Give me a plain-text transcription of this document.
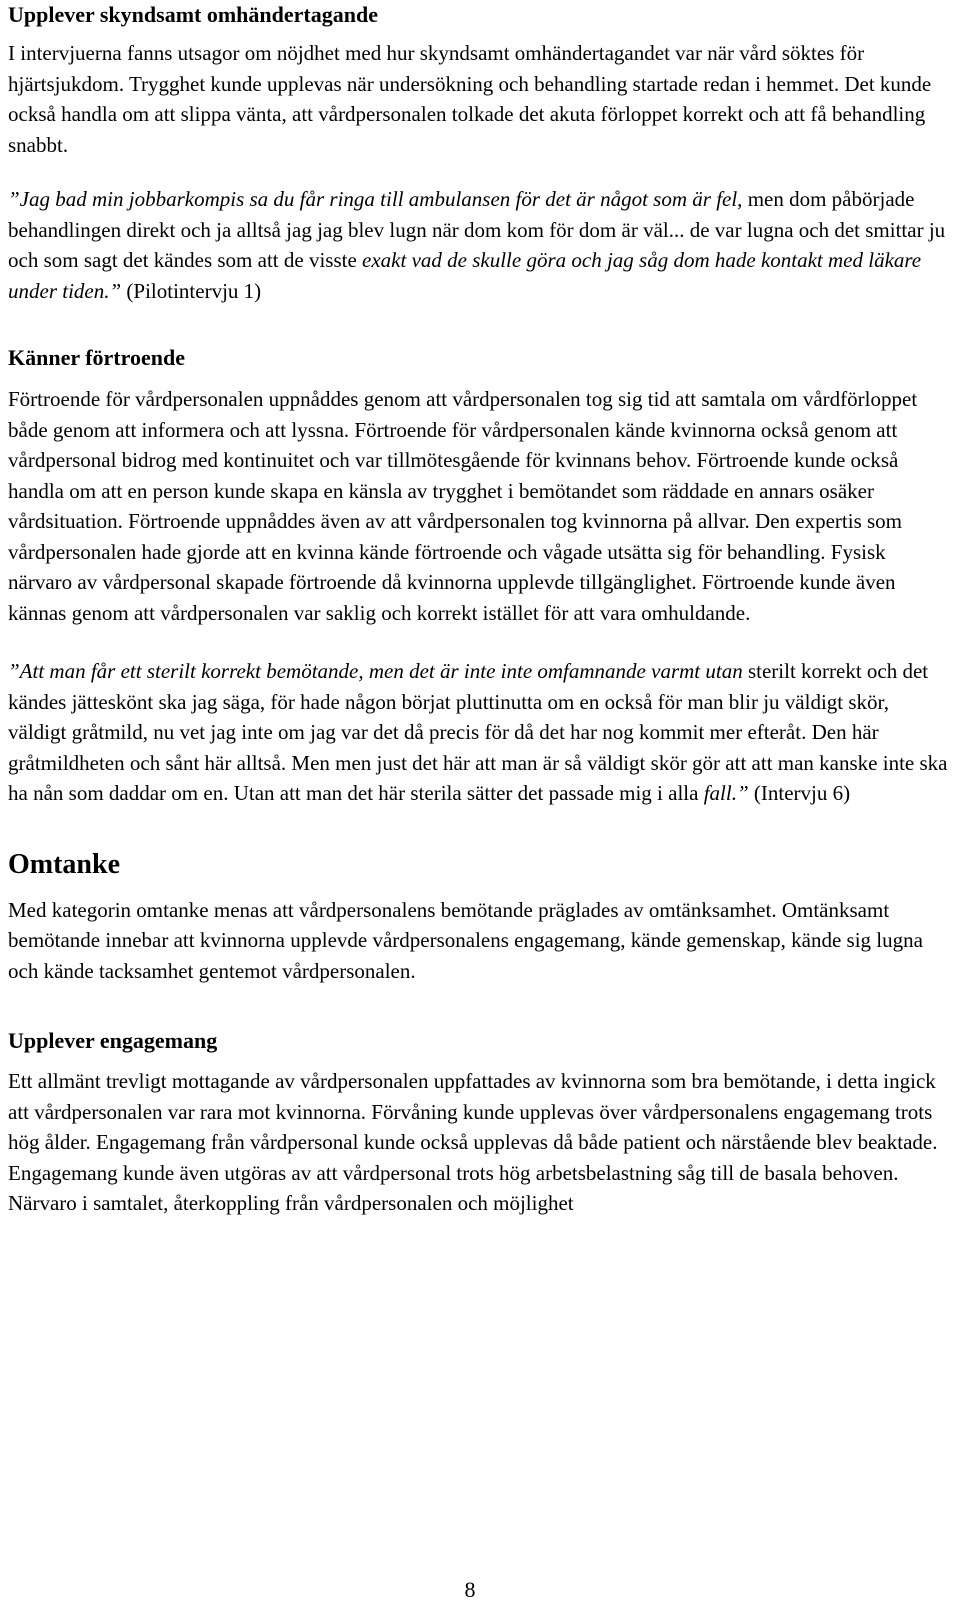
Upplever skyndsamt omhändertagande

I intervjuerna fanns utsagor om nöjdhet med hur skyndsamt omhändertagandet var när vård söktes för hjärtsjukdom. Trygghet kunde upplevas när undersökning och behandling startade redan i hemmet. Det kunde också handla om att slippa vänta, att vårdpersonalen tolkade det akuta förloppet korrekt och att få behandling snabbt.

”Jag bad min jobbarkompis sa du får ringa till ambulansen för det är något som är fel, men dom påbörjade behandlingen direkt och ja alltså jag jag blev lugn när dom kom för dom är väl... de var lugna och det smittar ju och som sagt det kändes som att de visste exakt vad de skulle göra och jag såg dom hade kontakt med läkare under tiden.” (Pilotintervju 1)

Känner förtroende

Förtroende för vårdpersonalen uppnåddes genom att vårdpersonalen tog sig tid att samtala om vårdförloppet både genom att informera och att lyssna. Förtroende för vårdpersonalen kände kvinnorna också genom att vårdpersonal bidrog med kontinuitet och var tillmötesgående för kvinnans behov. Förtroende kunde också handla om att en person kunde skapa en känsla av trygghet i bemötandet som räddade en annars osäker vårdsituation. Förtroende uppnåddes även av att vårdpersonalen tog kvinnorna på allvar. Den expertis som vårdpersonalen hade gjorde att en kvinna kände förtroende och vågade utsätta sig för behandling. Fysisk närvaro av vårdpersonal skapade förtroende då kvinnorna upplevde tillgänglighet. Förtroende kunde även kännas genom att vårdpersonalen var saklig och korrekt istället för att vara omhuldande.

”Att man får ett sterilt korrekt bemötande, men det är inte inte omfamnande varmt utan sterilt korrekt och det kändes jätteskönt ska jag säga, för hade någon börjat pluttinutta om en också för man blir ju väldigt skör, väldigt gråtmild, nu vet jag inte om jag var det då precis för då det har nog kommit mer efteråt. Den här gråtmildheten och sånt här alltså. Men men just det här att man är så väldigt skör gör att att man kanske inte ska ha nån som daddar om en. Utan att man det här sterila sätter det passade mig i alla fall.” (Intervju 6)

Omtanke

Med kategorin omtanke menas att vårdpersonalens bemötande präglades av omtänksamhet. Omtänksamt bemötande innebar att kvinnorna upplevde vårdpersonalens engagemang, kände gemenskap, kände sig lugna och kände tacksamhet gentemot vårdpersonalen.

Upplever engagemang

Ett allmänt trevligt mottagande av vårdpersonalen uppfattades av kvinnorna som bra bemötande, i detta ingick att vårdpersonalen var rara mot kvinnorna. Förvåning kunde upplevas över vårdpersonalens engagemang trots hög ålder. Engagemang från vårdpersonal kunde också upplevas då både patient och närstående blev beaktade. Engagemang kunde även utgöras av att vårdpersonal trots hög arbetsbelastning såg till de basala behoven. Närvaro i samtalet, återkoppling från vårdpersonalen och möjlighet

8
